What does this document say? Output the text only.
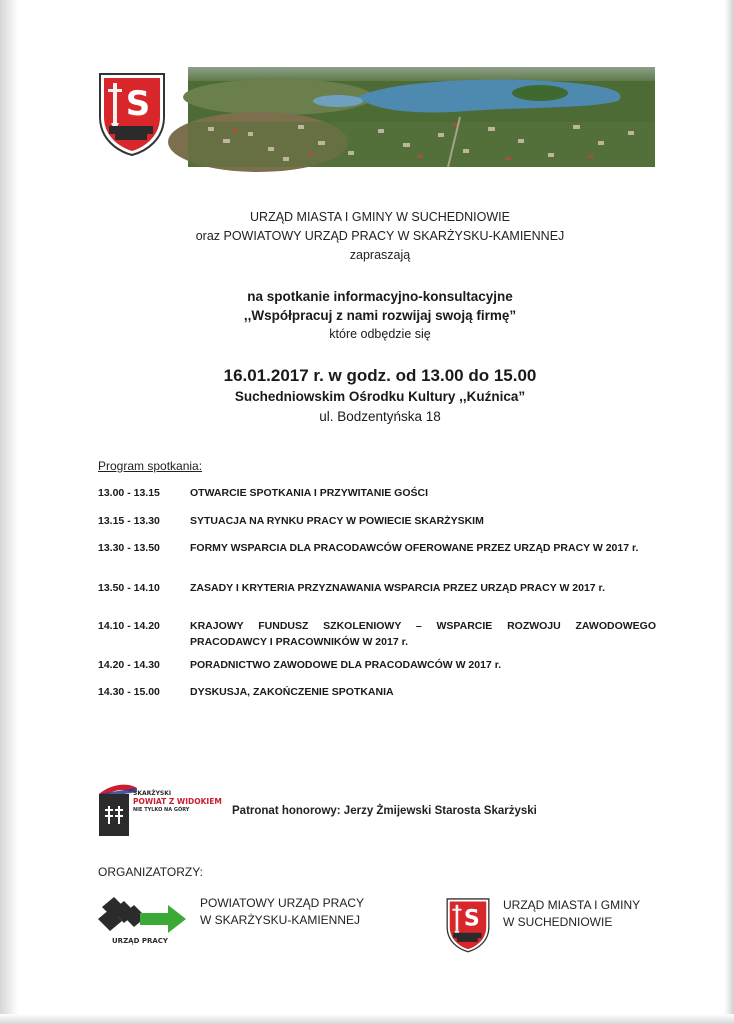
S
URZĄD MIASTA I GMINY W SUCHEDNIOWIE
oraz POWIATOWY URZĄD PRACY W SKARŻYSKU-KAMIENNEJ
zapraszają
na spotkanie informacyjno-konsultacyjne
,,Współpracuj z nami rozwijaj swoją firmę”
które odbędzie się
16.01.2017 r. w godz. od 13.00 do 15.00
Suchedniowskim Ośrodku Kultury ,,Kuźnica”
ul. Bodzentyńska 18
Program spotkania:
13.00 - 13.15	OTWARCIE SPOTKANIA I PRZYWITANIE GOŚCI
13.15 - 13.30	SYTUACJA NA RYNKU PRACY W POWIECIE SKARŻYSKIM
13.30 - 13.50	FORMY WSPARCIA DLA PRACODAWCÓW OFEROWANE PRZEZ URZĄD PRACY W 2017 r.
13.50 - 14.10	ZASADY I KRYTERIA PRZYZNAWANIA WSPARCIA PRZEZ URZĄD PRACY W 2017 r.
14.10 - 14.20	KRAJOWY FUNDUSZ SZKOLENIOWY – WSPARCIE ROZWOJU ZAWODOWEGO PRACODAWCY I PRACOWNIKÓW W 2017 r.
14.20 - 14.30	PORADNICTWO ZAWODOWE DLA PRACODAWCÓW W 2017 r.
14.30 - 15.00	DYSKUSJA, ZAKOŃCZENIE SPOTKANIA
SKARŻYSKI
POWIAT Z WIDOKIEM
NIE TYLKO NA GÓRY	Patronat honorowy: Jerzy Żmijewski Starosta Skarżyski
ORGANIZATORZY:
URZĄD PRACY
POWIATOWY URZĄD PRACY
W SKARŻYSKU-KAMIENNEJ	S
URZĄD MIASTA I GMINY
W SUCHEDNIOWIE
